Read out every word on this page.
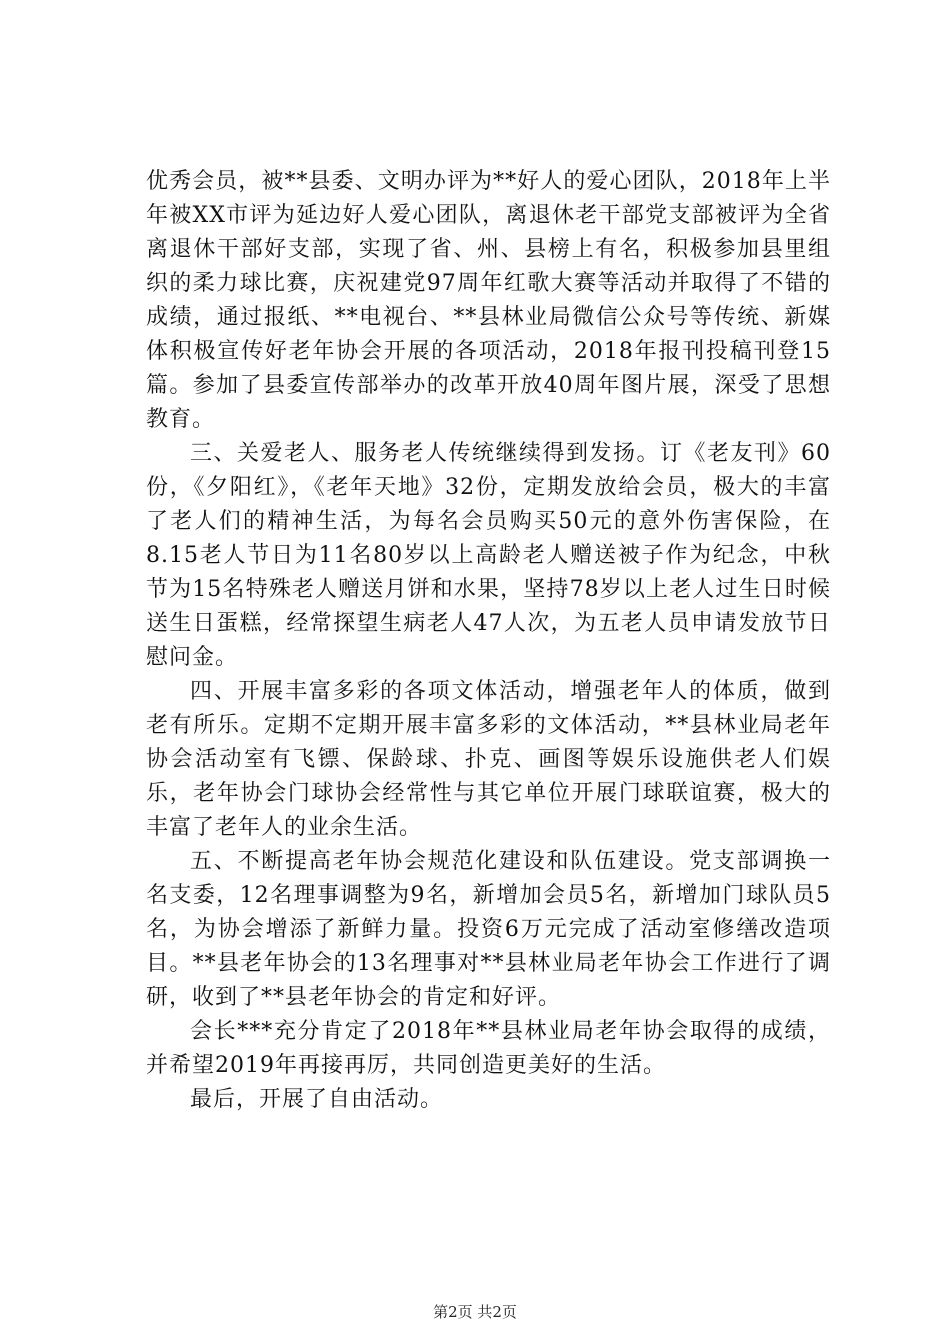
优秀会员，被**县委、文明办评为**好人的爱心团队，2018年上半年被XX市评为延边好人爱心团队，离退休老干部党支部被评为全省离退休干部好支部，实现了省、州、县榜上有名，积极参加县里组织的柔力球比赛，庆祝建党97周年红歌大赛等活动并取得了不错的成绩，通过报纸、**电视台、**县林业局微信公众号等传统、新媒体积极宣传好老年协会开展的各项活动，2018年报刊投稿刊登15篇。参加了县委宣传部举办的改革开放40周年图片展，深受了思想教育。

三、关爱老人、服务老人传统继续得到发扬。订《老友刊》60份，《夕阳红》，《老年天地》32份，定期发放给会员，极大的丰富了老人们的精神生活，为每名会员购买50元的意外伤害保险，在8.15老人节日为11名80岁以上高龄老人赠送被子作为纪念，中秋节为15名特殊老人赠送月饼和水果，坚持78岁以上老人过生日时候送生日蛋糕，经常探望生病老人47人次，为五老人员申请发放节日慰问金。

四、开展丰富多彩的各项文体活动，增强老年人的体质，做到老有所乐。定期不定期开展丰富多彩的文体活动，**县林业局老年协会活动室有飞镖、保龄球、扑克、画图等娱乐设施供老人们娱乐，老年协会门球协会经常性与其它单位开展门球联谊赛，极大的丰富了老年人的业余生活。

五、不断提高老年协会规范化建设和队伍建设。党支部调换一名支委，12名理事调整为9名，新增加会员5名，新增加门球队员5名，为协会增添了新鲜力量。投资6万元完成了活动室修缮改造项目。**县老年协会的13名理事对**县林业局老年协会工作进行了调研，收到了**县老年协会的肯定和好评。

会长***充分肯定了2018年**县林业局老年协会取得的成绩，并希望2019年再接再厉，共同创造更美好的生活。

最后，开展了自由活动。

第2页 共2页
